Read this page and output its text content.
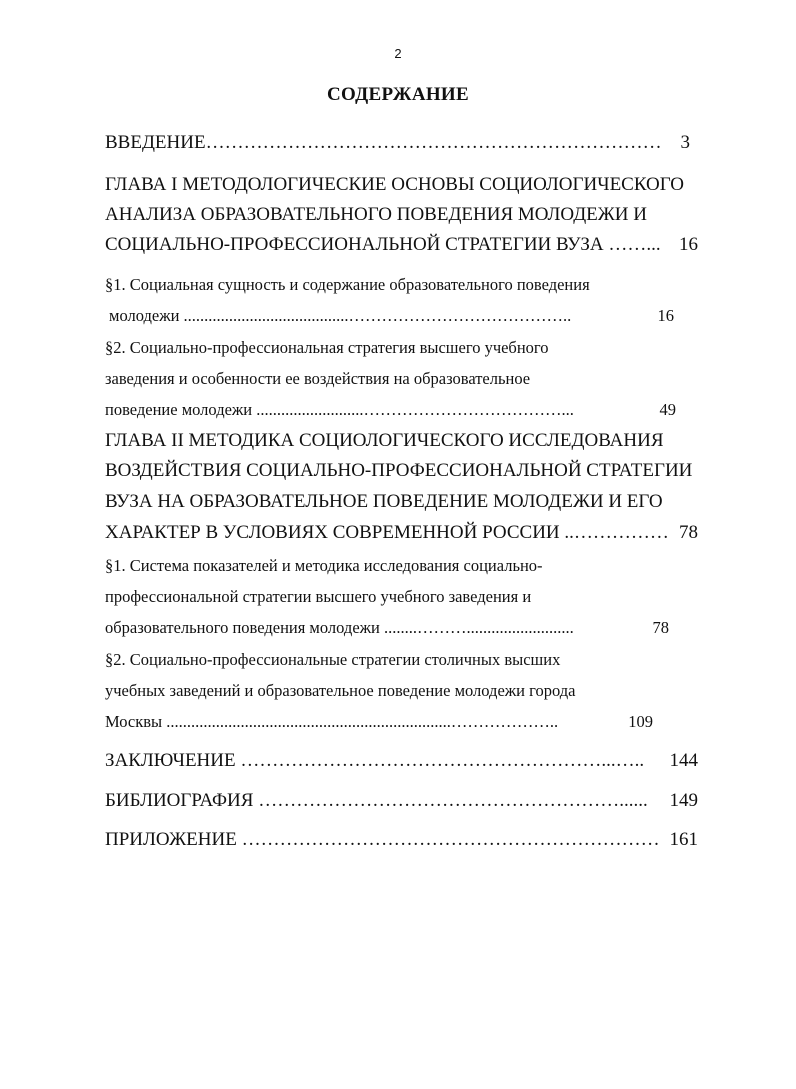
2
СОДЕРЖАНИЕ
ВВЕДЕНИЕ……………………………………………………………… 3
ГЛАВА I МЕТОДОЛОГИЧЕСКИЕ ОСНОВЫ СОЦИОЛОГИЧЕСКОГО
АНАЛИЗА ОБРАЗОВАТЕЛЬНОГО ПОВЕДЕНИЯ МОЛОДЕЖИ И
СОЦИАЛЬНО-ПРОФЕССИОНАЛЬНОЙ СТРАТЕГИИ ВУЗА ……... 16
§1. Социальная сущность и содержание образовательного поведения
молодежи ........................................…………………………………..	16
§2. Социально-профессиональная стратегия высшего учебного
заведения и особенности ее воздействия на образовательное
поведение молодежи ..........................………………………………...	49
ГЛАВА II МЕТОДИКА СОЦИОЛОГИЧЕСКОГО ИССЛЕДОВАНИЯ
ВОЗДЕЙСТВИЯ СОЦИАЛЬНО-ПРОФЕССИОНАЛЬНОЙ СТРАТЕГИИ
ВУЗА НА ОБРАЗОВАТЕЛЬНОЕ ПОВЕДЕНИЕ МОЛОДЕЖИ И ЕГО
ХАРАКТЕР В УСЛОВИЯХ СОВРЕМЕННОЙ РОССИИ ..…………… 78
§1. Система показателей и методика исследования социально-
профессиональной стратегии высшего учебного заведения и
образовательного поведения молодежи ........………..........................	78
§2. Социально-профессиональные стратегии столичных высших
учебных заведений и образовательное поведение молодежи города
Москвы .....................................................................………………..	109
ЗАКЛЮЧЕНИЕ …………………………………………………...….. 144
БИБЛИОГРАФИЯ …………………………………………………...... 149
ПРИЛОЖЕНИЕ ………………………………………………………… 161
